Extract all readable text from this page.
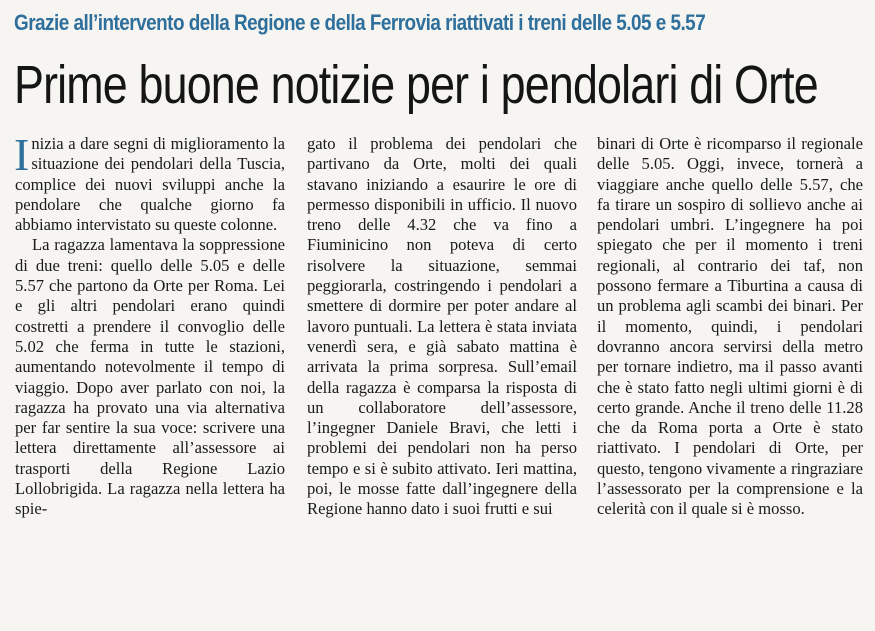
Grazie all’intervento della Regione e della Ferrovia riattivati i treni delle 5.05 e 5.57
Prime buone notizie per i pendolari di Orte

Inizia a dare segni di miglioramento la situazione dei pendolari della Tuscia, complice dei nuovi sviluppi anche la pendolare che qualche giorno fa abbiamo intervistato su queste colonne.

La ragazza lamentava la soppressione di due treni: quello delle 5.05 e delle 5.57 che partono da Orte per Roma. Lei e gli altri pendolari erano quindi costretti a prendere il convoglio delle 5.02 che ferma in tutte le stazioni, aumentando notevolmente il tempo di viaggio. Dopo aver parlato con noi, la ragazza ha provato una via alternativa per far sentire la sua voce: scrivere una lettera direttamente all’assessore ai trasporti della Regione Lazio Lollobrigida. La ragazza nella lettera ha spie-

gato il problema dei pendolari che partivano da Orte, molti dei quali stavano iniziando a esaurire le ore di permesso disponibili in ufficio. Il nuovo treno delle 4.32 che va fino a Fiuminicino non poteva di certo risolvere la situazione, semmai peggiorarla, costringendo i pendolari a smettere di dormire per poter andare al lavoro puntuali. La lettera è stata inviata venerdì sera, e già sabato mattina è arrivata la prima sorpresa. Sull’email della ragazza è comparsa la risposta di un collaboratore dell’assessore, l’ingegner Daniele Bravi, che letti i problemi dei pendolari non ha perso tempo e si è subito attivato. Ieri mattina, poi, le mosse fatte dall’ingegnere della Regione hanno dato i suoi frutti e sui

binari di Orte è ricomparso il regionale delle 5.05. Oggi, invece, tornerà a viaggiare anche quello delle 5.57, che fa tirare un sospiro di sollievo anche ai pendolari umbri. L’ingegnere ha poi spiegato che per il momento i treni regionali, al contrario dei taf, non possono fermare a Tiburtina a causa di un problema agli scambi dei binari. Per il momento, quindi, i pendolari dovranno ancora servirsi della metro per tornare indietro, ma il passo avanti che è stato fatto negli ultimi giorni è di certo grande. Anche il treno delle 11.28 che da Roma porta a Orte è stato riattivato. I pendolari di Orte, per questo, tengono vivamente a ringraziare l’assessorato per la comprensione e la celerità con il quale si è mosso.
